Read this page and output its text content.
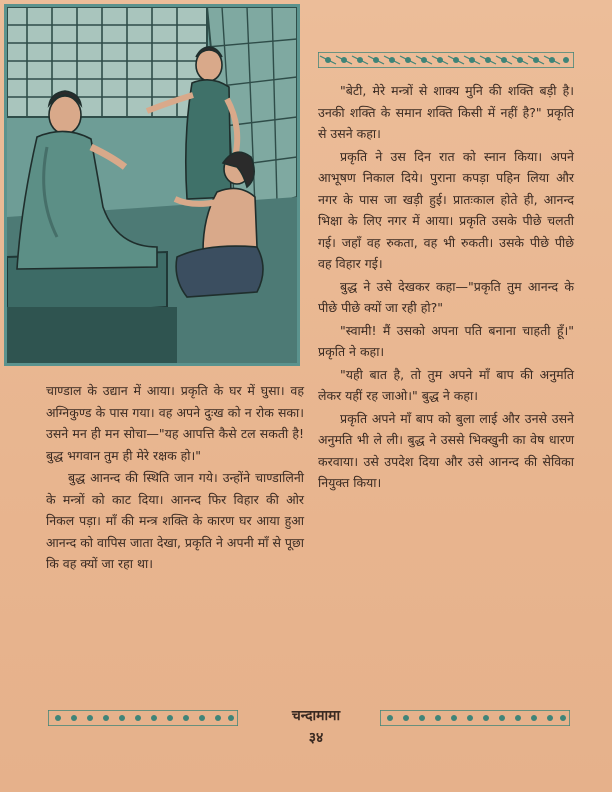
"बेटी, मेरे मन्त्रों से शाक्य मुनि की शक्ति बड़ी है। उनकी शक्ति के समान शक्ति किसी में नहीं है?" प्रकृति से उसने कहा।

प्रकृति ने उस दिन रात को स्नान किया। अपने आभूषण निकाल दिये। पुराना कपड़ा पहिन लिया और नगर के पास जा खड़ी हुई। प्रातःकाल होते ही, आनन्द भिक्षा के लिए नगर में आया। प्रकृति उसके पीछे चलती गई। जहाँ वह रुकता, वह भी रुकती। उसके पीछे पीछे वह विहार गई।

बुद्ध ने उसे देखकर कहा—"प्रकृति तुम आनन्द के पीछे पीछे क्यों जा रही हो?"

"स्वामी! मैं उसको अपना पति बनाना चाहती हूँ।" प्रकृति ने कहा।

"यही बात है, तो तुम अपने माँ बाप की अनुमति लेकर यहीं रह जाओ।" बुद्ध ने कहा।

प्रकृति अपने माँ बाप को बुला लाई और उनसे उसने अनुमति भी ले ली। बुद्ध ने उससे भिक्खुनी का वेष धारण करवाया। उसे उपदेश दिया और उसे आनन्द की सेविका नियुक्त किया।

चाण्डाल के उद्यान में आया। प्रकृति के घर में घुसा। वह अग्निकुण्ड के पास गया। वह अपने दुःख को न रोक सका। उसने मन ही मन सोचा—"यह आपत्ति कैसे टल सकती है! बुद्ध भगवान तुम ही मेरे रक्षक हो।"

बुद्ध आनन्द की स्थिति जान गये। उन्होंने चाण्डालिनी के मन्त्रों को काट दिया। आनन्द फिर विहार की ओर निकल पड़ा। माँ की मन्त्र शक्ति के कारण घर आया हुआ आनन्द को वापिस जाता देखा, प्रकृति ने अपनी माँ से पूछा कि वह क्यों जा रहा था।

चन्दामामा
३४
